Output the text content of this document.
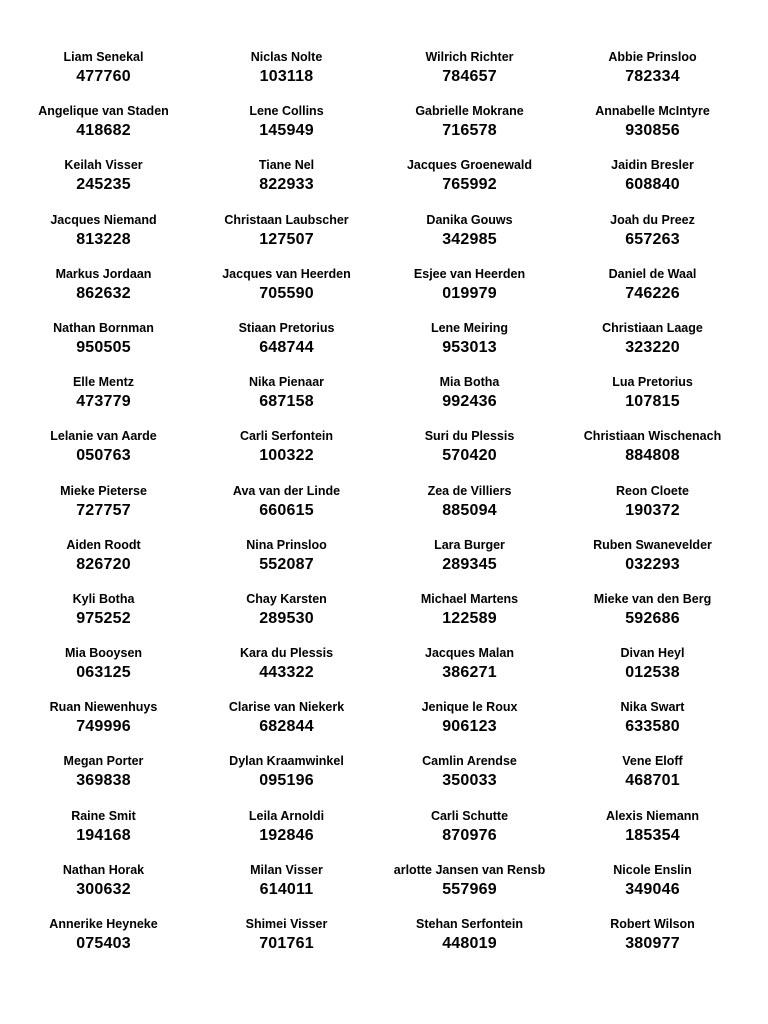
Liam Senekal
477760
Niclas Nolte
103118
Wilrich Richter
784657
Abbie Prinsloo
782334
Angelique van Staden
418682
Lene Collins
145949
Gabrielle Mokrane
716578
Annabelle McIntyre
930856
Keilah Visser
245235
Tiane Nel
822933
Jacques Groenewald
765992
Jaidin Bresler
608840
Jacques Niemand
813228
Christaan Laubscher
127507
Danika Gouws
342985
Joah du Preez
657263
Markus Jordaan
862632
Jacques van Heerden
705590
Esjee van Heerden
019979
Daniel de Waal
746226
Nathan Bornman
950505
Stiaan Pretorius
648744
Lene Meiring
953013
Christiaan Laage
323220
Elle Mentz
473779
Nika Pienaar
687158
Mia Botha
992436
Lua Pretorius
107815
Lelanie van Aarde
050763
Carli Serfontein
100322
Suri du Plessis
570420
Christiaan Wischenach
884808
Mieke Pieterse
727757
Ava van der Linde
660615
Zea de Villiers
885094
Reon Cloete
190372
Aiden Roodt
826720
Nina Prinsloo
552087
Lara Burger
289345
Ruben Swanevelder
032293
Kyli Botha
975252
Chay Karsten
289530
Michael Martens
122589
Mieke van den Berg
592686
Mia Booysen
063125
Kara du Plessis
443322
Jacques Malan
386271
Divan Heyl
012538
Ruan Niewenhuys
749996
Clarise van Niekerk
682844
Jenique le Roux
906123
Nika Swart
633580
Megan Porter
369838
Dylan Kraamwinkel
095196
Camlin Arendse
350033
Vene Eloff
468701
Raine Smit
194168
Leila Arnoldi
192846
Carli Schutte
870976
Alexis Niemann
185354
Nathan Horak
300632
Milan Visser
614011
arlotte Jansen van Rensb
557969
Nicole Enslin
349046
Annerike Heyneke
075403
Shimei Visser
701761
Stehan Serfontein
448019
Robert Wilson
380977
